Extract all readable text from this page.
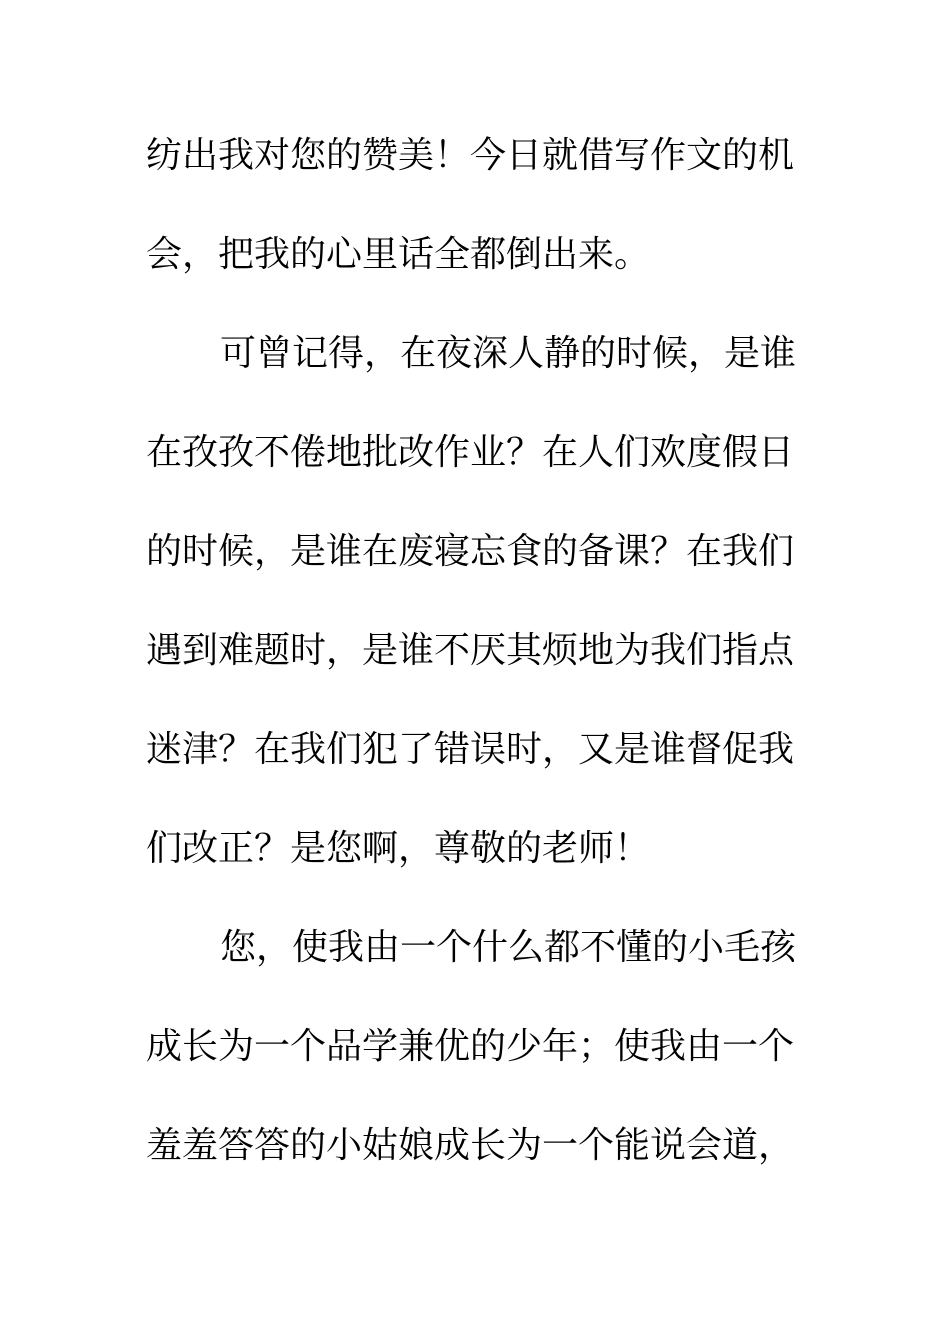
纺出我对您的赞美！今日就借写作文的机
会，把我的心里话全都倒出来。
可曾记得，在夜深人静的时候，是谁
在孜孜不倦地批改作业？在人们欢度假日
的时候，是谁在废寝忘食的备课？在我们
遇到难题时，是谁不厌其烦地为我们指点
迷津？在我们犯了错误时，又是谁督促我
们改正？是您啊，尊敬的老师！
您，使我由一个什么都不懂的小毛孩
成长为一个品学兼优的少年；使我由一个
羞羞答答的小姑娘成长为一个能说会道，
